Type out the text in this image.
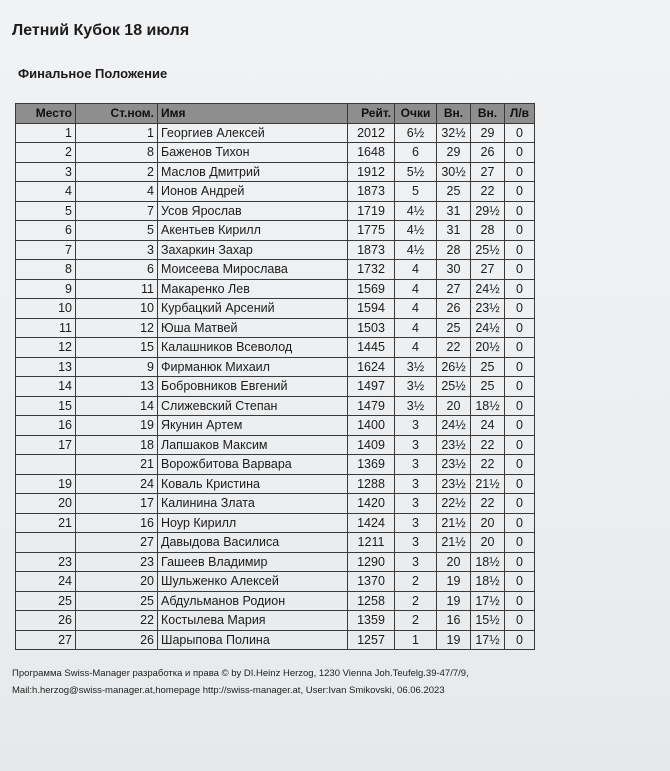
Летний Кубок 18 июля
Финальное Положение
Место	Ст.ном.	Имя	Рейт.	Очки	Вн.	Вн.	Л/в
1	1	Георгиев Алексей	2012	6½	32½	29	0
2	8	Баженов Тихон	1648	6	29	26	0
3	2	Маслов Дмитрий	1912	5½	30½	27	0
4	4	Ионов Андрей	1873	5	25	22	0
5	7	Усов Ярослав	1719	4½	31	29½	0
6	5	Акентьев Кирилл	1775	4½	31	28	0
7	3	Захаркин Захар	1873	4½	28	25½	0
8	6	Моисеева Мирослава	1732	4	30	27	0
9	11	Макаренко Лев	1569	4	27	24½	0
10	10	Курбацкий Арсений	1594	4	26	23½	0
11	12	Юша Матвей	1503	4	25	24½	0
12	15	Калашников Всеволод	1445	4	22	20½	0
13	9	Фирманюк Михаил	1624	3½	26½	25	0
14	13	Бобровников Евгений	1497	3½	25½	25	0
15	14	Слижевский Степан	1479	3½	20	18½	0
16	19	Якунин Артем	1400	3	24½	24	0
17	18	Лапшаков Максим	1409	3	23½	22	0
	21	Ворожбитова Варвара	1369	3	23½	22	0
19	24	Коваль Кристина	1288	3	23½	21½	0
20	17	Калинина Злата	1420	3	22½	22	0
21	16	Ноур Кирилл	1424	3	21½	20	0
	27	Давыдова Василиса	1211	3	21½	20	0
23	23	Гашеев Владимир	1290	3	20	18½	0
24	20	Шульженко Алексей	1370	2	19	18½	0
25	25	Абдульманов Родион	1258	2	19	17½	0
26	22	Костылева Мария	1359	2	16	15½	0
27	26	Шарыпова Полина	1257	1	19	17½	0
Программа Swiss-Manager разработка и права © by DI.Heinz Herzog, 1230 Vienna Joh.Teufelg.39-47/7/9,
Mail:h.herzog@swiss-manager.at,homepage http://swiss-manager.at, User:Ivan Smikovski, 06.06.2023
